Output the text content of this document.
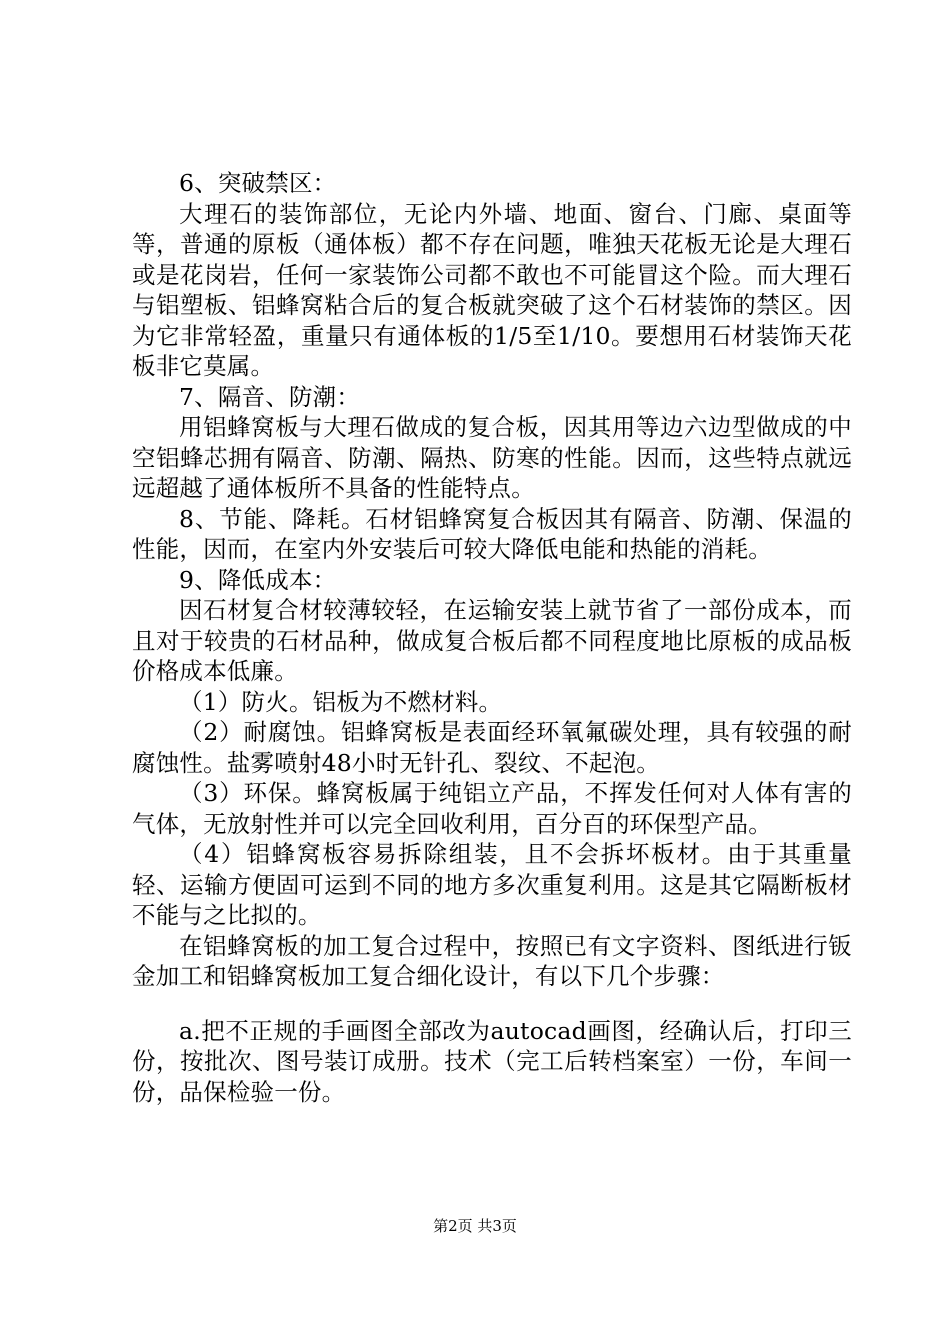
6、突破禁区：

大理石的装饰部位，无论内外墙、地面、窗台、门廊、桌面等等，普通的原板（通体板）都不存在问题，唯独天花板无论是大理石或是花岗岩，任何一家装饰公司都不敢也不可能冒这个险。而大理石与铝塑板、铝蜂窝粘合后的复合板就突破了这个石材装饰的禁区。因为它非常轻盈，重量只有通体板的1/5至1/10。要想用石材装饰天花板非它莫属。

7、隔音、防潮：

用铝蜂窝板与大理石做成的复合板，因其用等边六边型做成的中空铝蜂芯拥有隔音、防潮、隔热、防寒的性能。因而，这些特点就远远超越了通体板所不具备的性能特点。

8、节能、降耗。石材铝蜂窝复合板因其有隔音、防潮、保温的性能，因而，在室内外安装后可较大降低电能和热能的消耗。

9、降低成本：

因石材复合材较薄较轻，在运输安装上就节省了一部份成本，而且对于较贵的石材品种，做成复合板后都不同程度地比原板的成品板价格成本低廉。

（1）防火。铝板为不燃材料。

（2）耐腐蚀。铝蜂窝板是表面经环氧氟碳处理，具有较强的耐腐蚀性。盐雾喷射48小时无针孔、裂纹、不起泡。

（3）环保。蜂窝板属于纯铝立产品，不挥发任何对人体有害的气体，无放射性并可以完全回收利用，百分百的环保型产品。

（4）铝蜂窝板容易拆除组装，且不会拆坏板材。由于其重量轻、运输方便固可运到不同的地方多次重复利用。这是其它隔断板材不能与之比拟的。

在铝蜂窝板的加工复合过程中，按照已有文字资料、图纸进行钣金加工和铝蜂窝板加工复合细化设计，有以下几个步骤：

a.把不正规的手画图全部改为autocad画图，经确认后，打印三份，按批次、图号装订成册。技术（完工后转档案室）一份，车间一份，品保检验一份。

第2页 共3页
